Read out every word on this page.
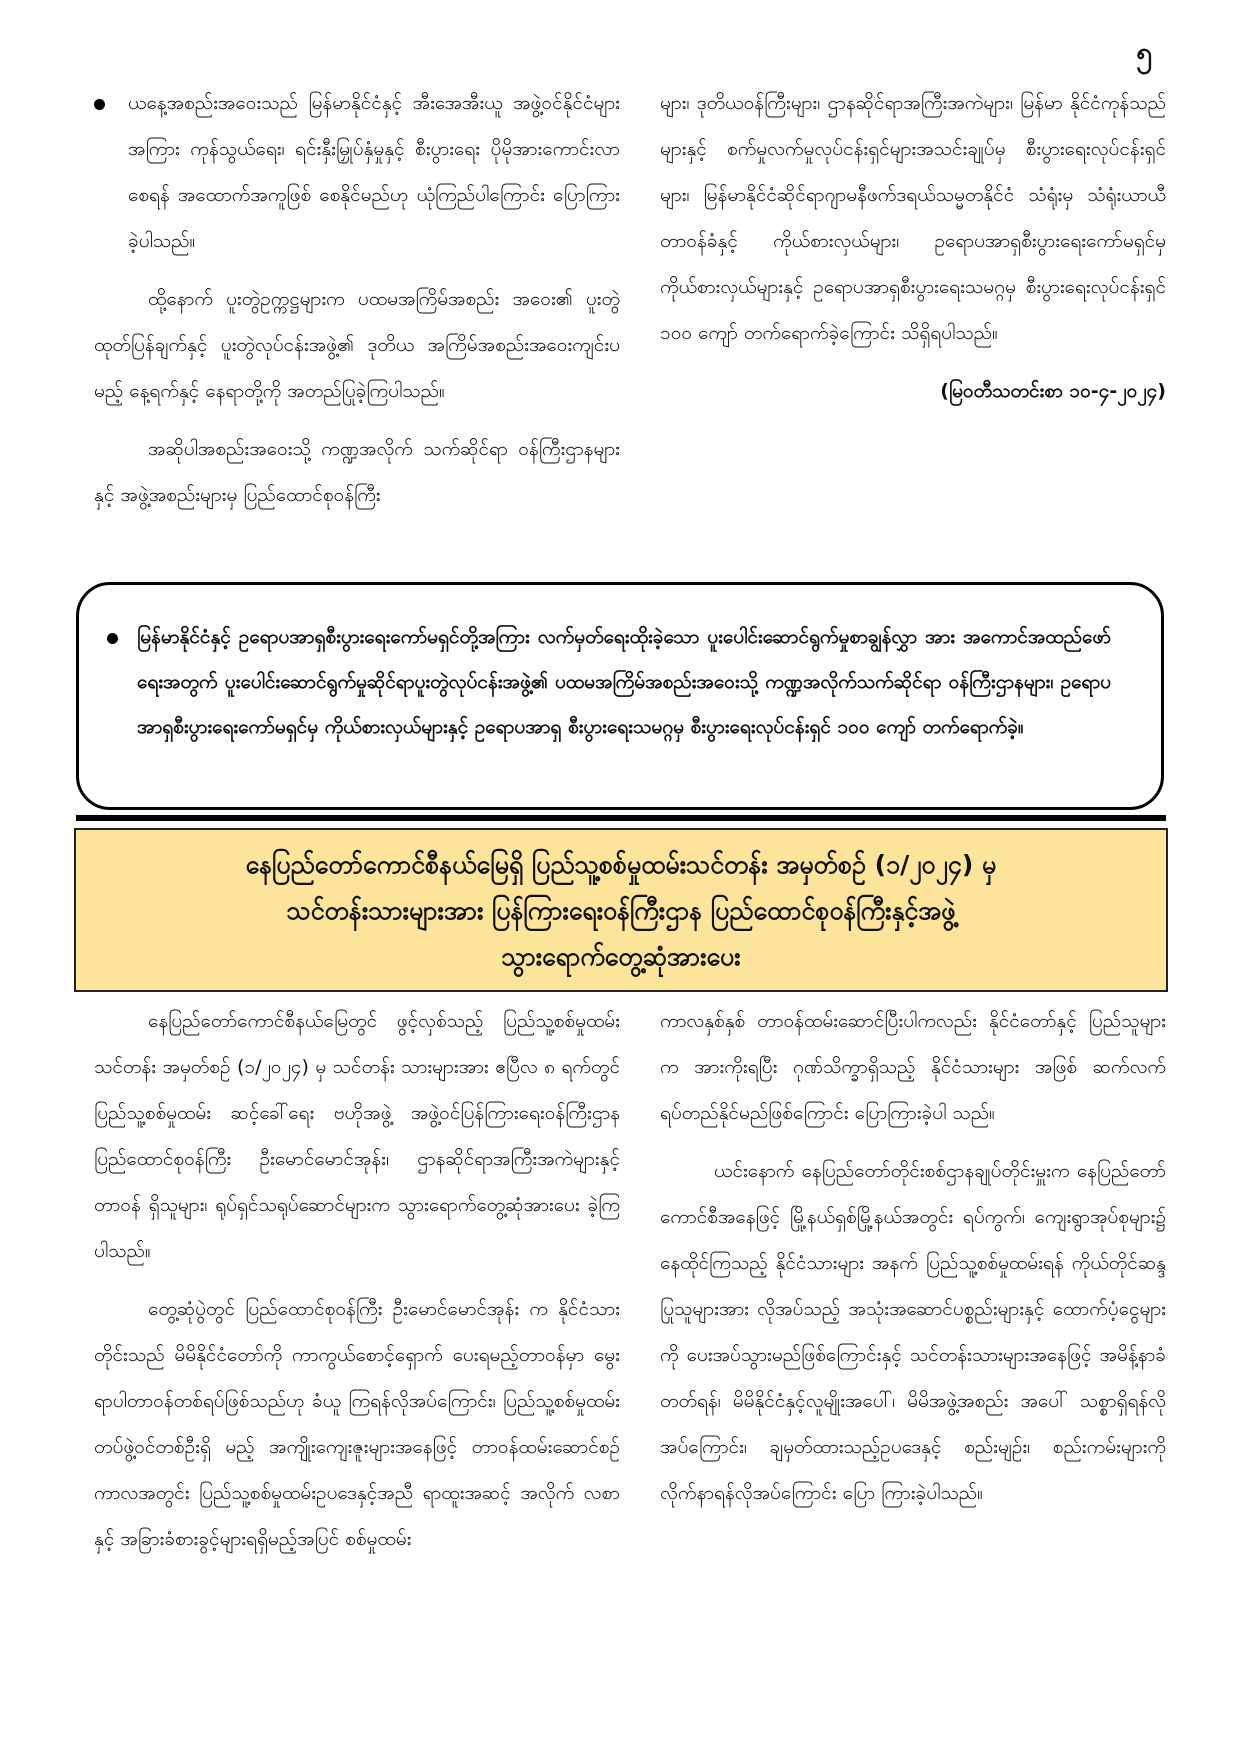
၅

ယနေ့အစည်းအဝေးသည် မြန်မာနိုင်ငံနှင့် အီးအေအီးယူ အဖွဲ့ဝင်နိုင်ငံများအကြား ကုန်သွယ်ရေး၊ ရင်းနှီးမြှုပ်နှံမှုနှင့် စီးပွားရေး ပိုမိုအားကောင်းလာစေရန် အထောက်အကူဖြစ် စေနိုင်မည်ဟု ယုံကြည်ပါကြောင်း ပြောကြားခဲ့ပါသည်။

ထို့နောက် ပူးတွဲဥက္ကဋ္ဌများက ပထမအကြိမ်အစည်း အဝေး၏ ပူးတွဲထုတ်ပြန်ချက်နှင့် ပူးတွဲလုပ်ငန်းအဖွဲ့၏ ဒုတိယ အကြိမ်အစည်းအဝေးကျင်းပမည့် နေ့ရက်နှင့် နေရာတို့ကို အတည်ပြုခဲ့ကြပါသည်။

အဆိုပါအစည်းအဝေးသို့ ကဏ္ဍအလိုက် သက်ဆိုင်ရာ ဝန်ကြီးဌာနများနှင့် အဖွဲ့အစည်းများမှ ပြည်ထောင်စုဝန်ကြီး

များ၊ ဒုတိယဝန်ကြီးများ၊ ဌာနဆိုင်ရာအကြီးအကဲများ၊ မြန်မာ နိုင်ငံကုန်သည်များနှင့် စက်မှုလက်မှုလုပ်ငန်းရှင်များအသင်းချုပ်မှ စီးပွားရေးလုပ်ငန်းရှင်များ၊ မြန်မာနိုင်ငံဆိုင်ရာဂျာမနီဖက်ဒရယ်သမ္မတနိုင်ငံ သံရုံးမှ သံရုံးယာယီတာဝန်ခံနှင့် ကိုယ်စားလှယ်များ၊ ဥရောပအာရှစီးပွားရေးကော်မရှင်မှ ကိုယ်စားလှယ်များနှင့် ဥရောပအာရှစီးပွားရေးသမဂ္ဂမှ စီးပွားရေးလုပ်ငန်းရှင် ၁၀၀ ကျော် တက်ရောက်ခဲ့ကြောင်း သိရှိရပါသည်။

(မြဝတီသတင်းစာ ၁၀-၄-၂၀၂၄)
မြန်မာနိုင်ငံနှင့် ဥရောပအာရှစီးပွားရေးကော်မရှင်တို့အကြား လက်မှတ်ရေးထိုးခဲ့သော ပူးပေါင်းဆောင်ရွက်မှုစာချွန်လွှာ အား အကောင်အထည်ဖော်ရေးအတွက် ပူးပေါင်းဆောင်ရွက်မှုဆိုင်ရာပူးတွဲလုပ်ငန်းအဖွဲ့၏ ပထမအကြိမ်အစည်းအဝေးသို့ ကဏ္ဍအလိုက်သက်ဆိုင်ရာ ဝန်ကြီးဌာနများ၊ ဥရောပအာရှစီးပွားရေးကော်မရှင်မှ ကိုယ်စားလှယ်များနှင့် ဥရောပအာရှ စီးပွားရေးသမဂ္ဂမှ စီးပွားရေးလုပ်ငန်းရှင် ၁၀၀ ကျော် တက်ရောက်ခဲ့။
နေပြည်တော်ကောင်စီနယ်မြေရှိ ပြည်သူ့စစ်မှုထမ်းသင်တန်း အမှတ်စဉ် (၁/၂၀၂၄) မှ
သင်တန်းသားများအား ပြန်ကြားရေးဝန်ကြီးဌာန ပြည်ထောင်စုဝန်ကြီးနှင့်အဖွဲ့
သွားရောက်တွေ့ဆုံအားပေး

နေပြည်တော်ကောင်စီနယ်မြေတွင် ဖွင့်လှစ်သည့် ပြည်သူ့စစ်မှုထမ်းသင်တန်း အမှတ်စဉ် (၁/၂၀၂၄) မှ သင်တန်း သားများအား ဧပြီလ ၈ ရက်တွင် ပြည်သူ့စစ်မှုထမ်း ဆင့်ခေါ်ရေး ဗဟိုအဖွဲ့ အဖွဲ့ဝင်ပြန်ကြားရေးဝန်ကြီးဌာန ပြည်ထောင်စုဝန်ကြီး ဦးမောင်မောင်အုန်း၊ ဌာနဆိုင်ရာအကြီးအကဲများနှင့် တာဝန် ရှိသူများ၊ ရုပ်ရှင်သရုပ်ဆောင်များက သွားရောက်တွေ့ဆုံအားပေး ခဲ့ကြပါသည်။

တွေ့ဆုံပွဲတွင် ပြည်ထောင်စုဝန်ကြီး ဦးမောင်မောင်အုန်း က နိုင်ငံသားတိုင်းသည် မိမိနိုင်ငံတော်ကို ကာကွယ်စောင့်ရှောက် ပေးရမည့်တာဝန်မှာ မွေးရာပါတာဝန်တစ်ရပ်ဖြစ်သည်ဟု ခံယူ ကြရန်လိုအပ်ကြောင်း၊ ပြည်သူ့စစ်မှုထမ်းတပ်ဖွဲ့ဝင်တစ်ဦးရှိ မည့် အကျိုးကျေးဇူးများအနေဖြင့် တာဝန်ထမ်းဆောင်စဉ် ကာလအတွင်း ပြည်သူ့စစ်မှုထမ်းဥပဒေနှင့်အညီ ရာထူးအဆင့် အလိုက် လစာနှင့် အခြားခံစားခွင့်များရရှိမည့်အပြင် စစ်မှုထမ်း

ကာလနှစ်နှစ် တာဝန်ထမ်းဆောင်ပြီးပါကလည်း နိုင်ငံတော်နှင့် ပြည်သူများက အားကိုးရပြီး ဂုဏ်သိက္ခာရှိသည့် နိုင်ငံသားများ အဖြစ် ဆက်လက်ရပ်တည်နိုင်မည်ဖြစ်ကြောင်း ပြောကြားခဲ့ပါ သည်။

ယင်းနောက် နေပြည်တော်တိုင်းစစ်ဌာနချုပ်တိုင်းမှူးက နေပြည်တော်ကောင်စီအနေဖြင့် မြို့နယ်ရှစ်မြို့နယ်အတွင်း ရပ်ကွက်၊ ကျေးရွာအုပ်စုများ၌ နေထိုင်ကြသည့် နိုင်ငံသားများ အနက် ပြည်သူ့စစ်မှုထမ်းရန် ကိုယ်တိုင်ဆန္ဒပြုသူများအား လိုအပ်သည့် အသုံးအဆောင်ပစ္စည်းများနှင့် ထောက်ပံ့ငွေများကို ပေးအပ်သွားမည်ဖြစ်ကြောင်းနှင့် သင်တန်းသားများအနေဖြင့် အမိန့်နာခံတတ်ရန်၊ မိမိနိုင်ငံနှင့်လူမျိုးအပေါ်၊ မိမိအဖွဲ့အစည်း အပေါ် သစ္စာရှိရန်လိုအပ်ကြောင်း၊ ချမှတ်ထားသည့်ဥပဒေနှင့် စည်းမျဉ်း၊ စည်းကမ်းများကို လိုက်နာရန်လိုအပ်ကြောင်း ပြော ကြားခဲ့ပါသည်။
